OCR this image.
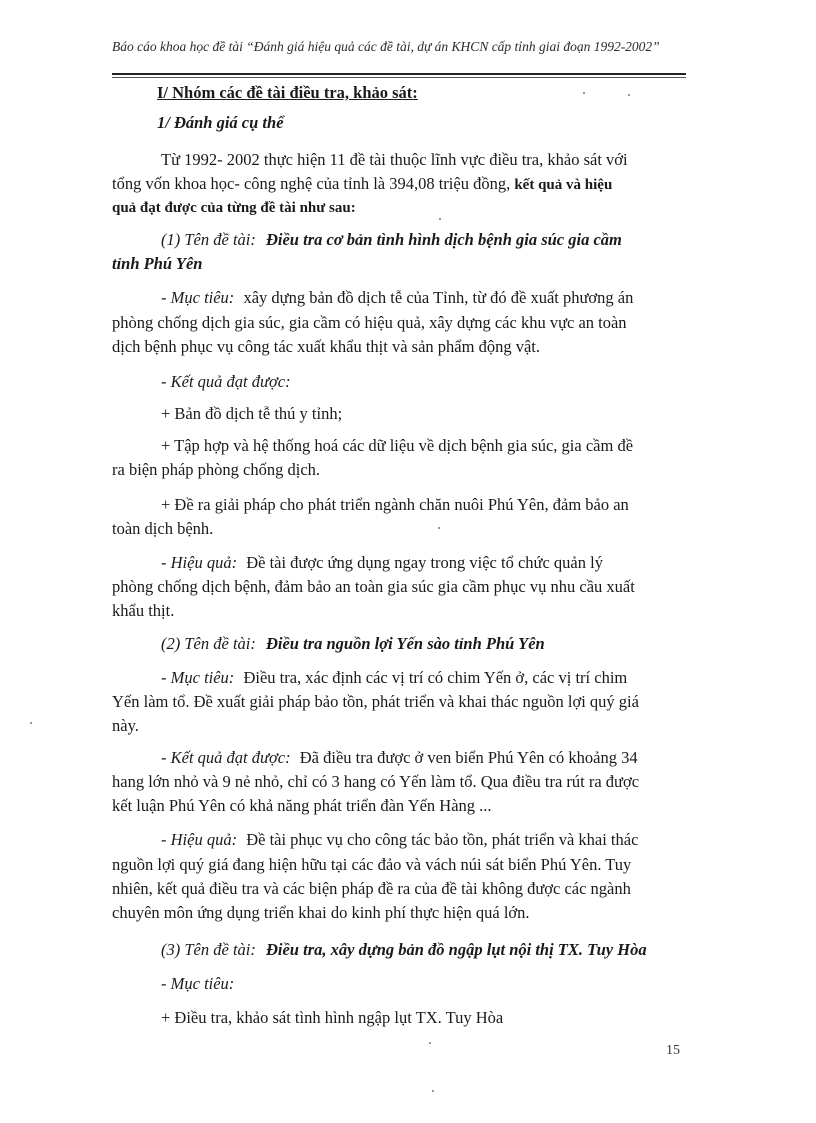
Báo cáo khoa học đề tài “Đánh giá hiệu quả các đề tài, dự án KHCN cấp tỉnh giai đoạn 1992-2002”
I/ Nhóm các đề tài điều tra, khảo sát:
1/ Đánh giá cụ thể
Từ 1992- 2002 thực hiện 11 đề tài thuộc lĩnh vực điều tra, khảo sát với
tổng vốn khoa học- công nghệ của tỉnh là 394,08 triệu đồng, kết quả và hiệu
quả đạt được của từng đề tài như sau:
(1) Tên đề tài: Điều tra cơ bản tình hình dịch bệnh gia súc gia cầm
tỉnh Phú Yên
- Mục tiêu: xây dựng bản đồ dịch tễ của Tỉnh, từ đó đề xuất phương án
phòng chống dịch gia súc, gia cầm có hiệu quả, xây dựng các khu vực an toàn
dịch bệnh phục vụ công tác xuất khẩu thịt và sản phẩm động vật.
- Kết quả đạt được:
+ Bản đồ dịch tễ thú y tỉnh;
+ Tập hợp và hệ thống hoá các dữ liệu về dịch bệnh gia súc, gia cầm đề
ra biện pháp phòng chống dịch.
+ Đề ra giải pháp cho phát triển ngành chăn nuôi Phú Yên, đảm bảo an
toàn dịch bệnh.
- Hiệu quả: Đề tài được ứng dụng ngay trong việc tổ chức quản lý
phòng chống dịch bệnh, đảm bảo an toàn gia súc gia cầm phục vụ nhu cầu xuất
khẩu thịt.
(2) Tên đề tài: Điều tra nguồn lợi Yến sào tỉnh Phú Yên
- Mục tiêu: Điều tra, xác định các vị trí có chim Yến ở, các vị trí chim
Yến làm tổ. Đề xuất giải pháp bảo tồn, phát triển và khai thác nguồn lợi quý giá
này.
- Kết quả đạt được: Đã điều tra được ở ven biển Phú Yên có khoảng 34
hang lớn nhỏ và 9 nẻ nhỏ, chỉ có 3 hang có Yến làm tổ. Qua điều tra rút ra được
kết luận Phú Yên có khả năng phát triển đàn Yến Hàng ...
- Hiệu quả: Đề tài phục vụ cho công tác bảo tồn, phát triển và khai thác
nguồn lợi quý giá đang hiện hữu tại các đảo và vách núi sát biển Phú Yên. Tuy
nhiên, kết quả điều tra và các biện pháp đề ra của đề tài không được các ngành
chuyên môn ứng dụng triển khai do kinh phí thực hiện quá lớn.
(3) Tên đề tài: Điều tra, xây dựng bản đồ ngập lụt nội thị TX. Tuy Hòa
- Mục tiêu:
+ Điều tra, khảo sát tình hình ngập lụt TX. Tuy Hòa
15
